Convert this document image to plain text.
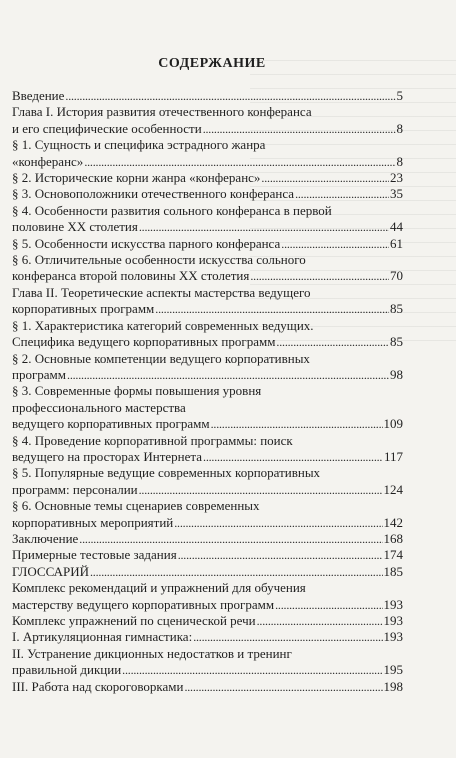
СОДЕРЖАНИЕ
Введение . . .	5
Глава I. История развития отечественного конферанса
и его специфические особенности . . .	8
§ 1. Сущность и специфика эстрадного жанра
«конферанс» . . .	8
§ 2. Исторические корни жанра «конферанс» . . .	23
§ 3. Основоположники отечественного конферанса . . .	35
§ 4. Особенности развития сольного конферанса в первой
половине XX столетия . . .	44
§ 5. Особенности искусства парного конферанса . . .	61
§ 6. Отличительные особенности искусства сольного
конферанса второй половины XX столетия . . .	70
Глава II. Теоретические аспекты мастерства ведущего
корпоративных программ . . .	85
§ 1. Характеристика категорий современных ведущих.
Специфика ведущего корпоративных программ . . .	85
§ 2. Основные компетенции ведущего корпоративных
программ . . .	98
§ 3. Современные формы повышения уровня
профессионального мастерства
ведущего корпоративных программ . . .	109
§ 4. Проведение корпоративной программы: поиск
ведущего на просторах Интернета . . .	117
§ 5. Популярные ведущие современных корпоративных
программ: персоналии . . .	124
§ 6. Основные темы сценариев современных
корпоративных мероприятий . . .	142
Заключение . . .	168
Примерные тестовые задания . . .	174
ГЛОССАРИЙ . . .	185
Комплекс рекомендаций и упражнений для обучения
мастерству ведущего корпоративных программ . . .	193
Комплекс упражнений по сценической речи . . .	193
I. Артикуляционная гимнастика: . . .	193
II. Устранение дикционных недостатков и тренинг
правильной дикции . . .	195
III. Работа над скороговорками . . .	198
